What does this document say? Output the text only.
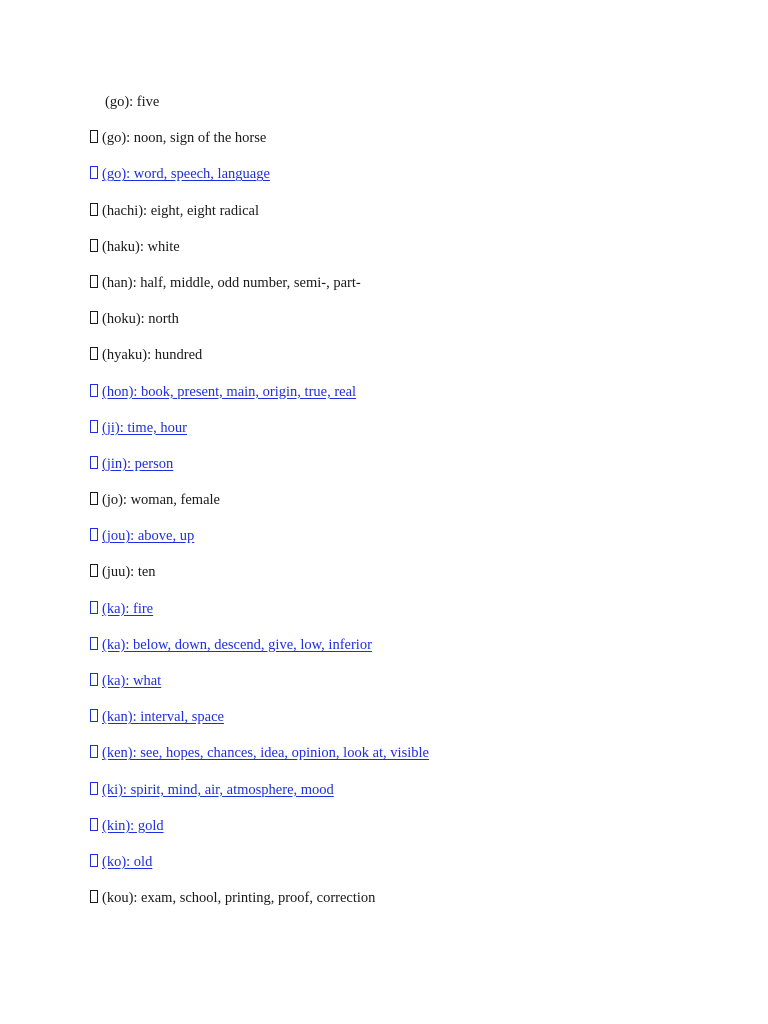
(go): five
(go): noon, sign of the horse
(go): word, speech, language
(hachi): eight, eight radical
(haku): white
(han): half, middle, odd number, semi-, part-
(hoku): north
(hyaku): hundred
(hon): book, present, main, origin, true, real
(ji): time, hour
(jin): person
(jo): woman, female
(jou): above, up
(juu): ten
(ka): fire
(ka): below, down, descend, give, low, inferior
(ka): what
(kan): interval, space
(ken): see, hopes, chances, idea, opinion, look at, visible
(ki): spirit, mind, air, atmosphere, mood
(kin): gold
(ko): old
(kou): exam, school, printing, proof, correction
